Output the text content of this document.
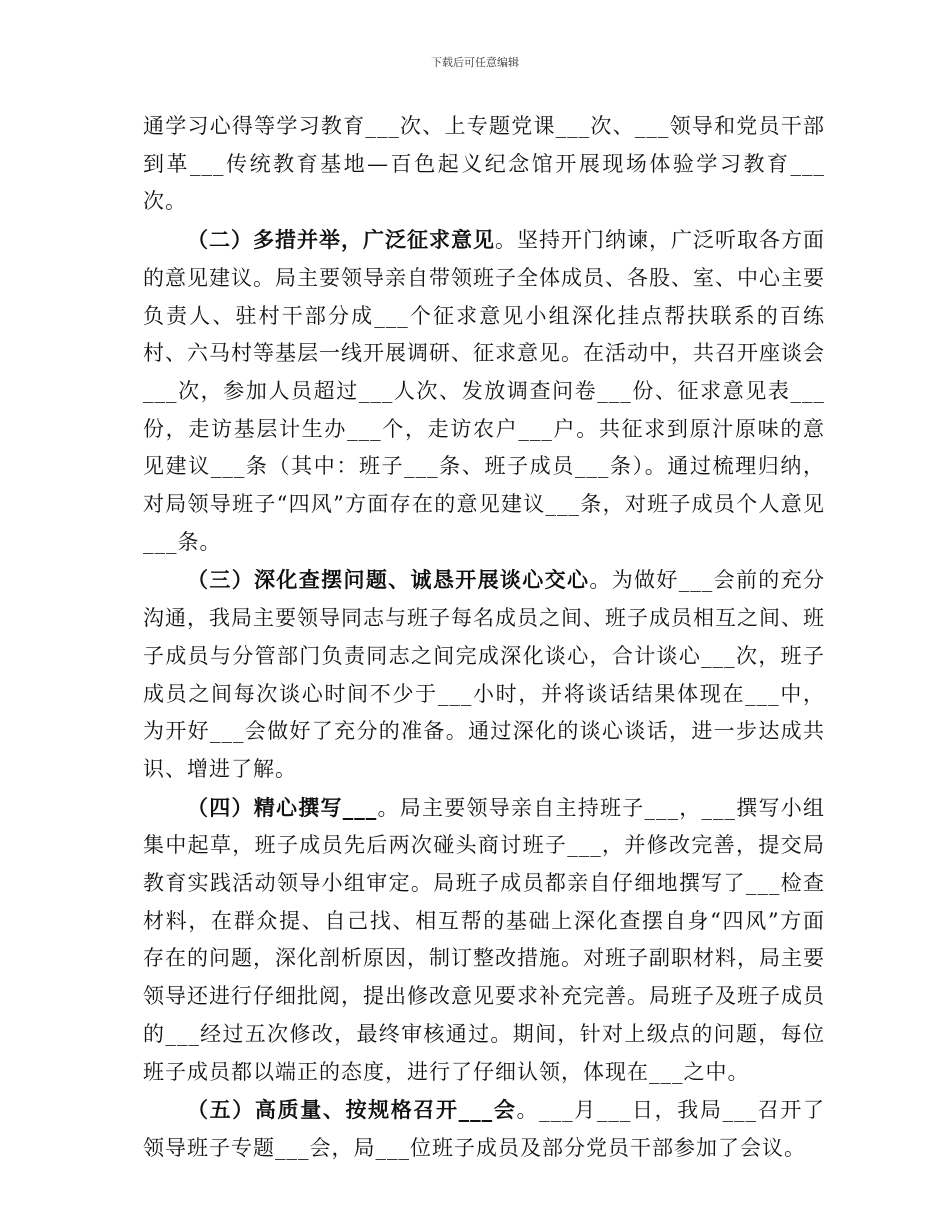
下载后可任意编辑

通学习心得等学习教育___次、上专题党课___次、___领导和党员干部到革___传统教育基地—百色起义纪念馆开展现场体验学习教育___次。

（二）多措并举，广泛征求意见。坚持开门纳谏，广泛听取各方面的意见建议。局主要领导亲自带领班子全体成员、各股、室、中心主要负责人、驻村干部分成___个征求意见小组深化挂点帮扶联系的百练村、六马村等基层一线开展调研、征求意见。在活动中，共召开座谈会___次，参加人员超过___人次、发放调查问卷___份、征求意见表___份，走访基层计生办___个，走访农户___户。共征求到原汁原味的意见建议___条（其中：班子___条、班子成员___条）。通过梳理归纳，对局领导班子“四风”方面存在的意见建议___条，对班子成员个人意见___条。

（三）深化查摆问题、诚恳开展谈心交心。为做好___会前的充分沟通，我局主要领导同志与班子每名成员之间、班子成员相互之间、班子成员与分管部门负责同志之间完成深化谈心，合计谈心___次，班子成员之间每次谈心时间不少于___小时，并将谈话结果体现在___中，为开好___会做好了充分的准备。通过深化的谈心谈话，进一步达成共识、增进了解。

（四）精心撰写___。局主要领导亲自主持班子___，___撰写小组集中起草，班子成员先后两次碰头商讨班子___，并修改完善，提交局教育实践活动领导小组审定。局班子成员都亲自仔细地撰写了___检查材料，在群众提、自己找、相互帮的基础上深化查摆自身“四风”方面存在的问题，深化剖析原因，制订整改措施。对班子副职材料，局主要领导还进行仔细批阅，提出修改意见要求补充完善。局班子及班子成员的___经过五次修改，最终审核通过。期间，针对上级点的问题，每位班子成员都以端正的态度，进行了仔细认领，体现在___之中。

（五）高质量、按规格召开___会。___月___日，我局___召开了领导班子专题___会，局___位班子成员及部分党员干部参加了会议。
